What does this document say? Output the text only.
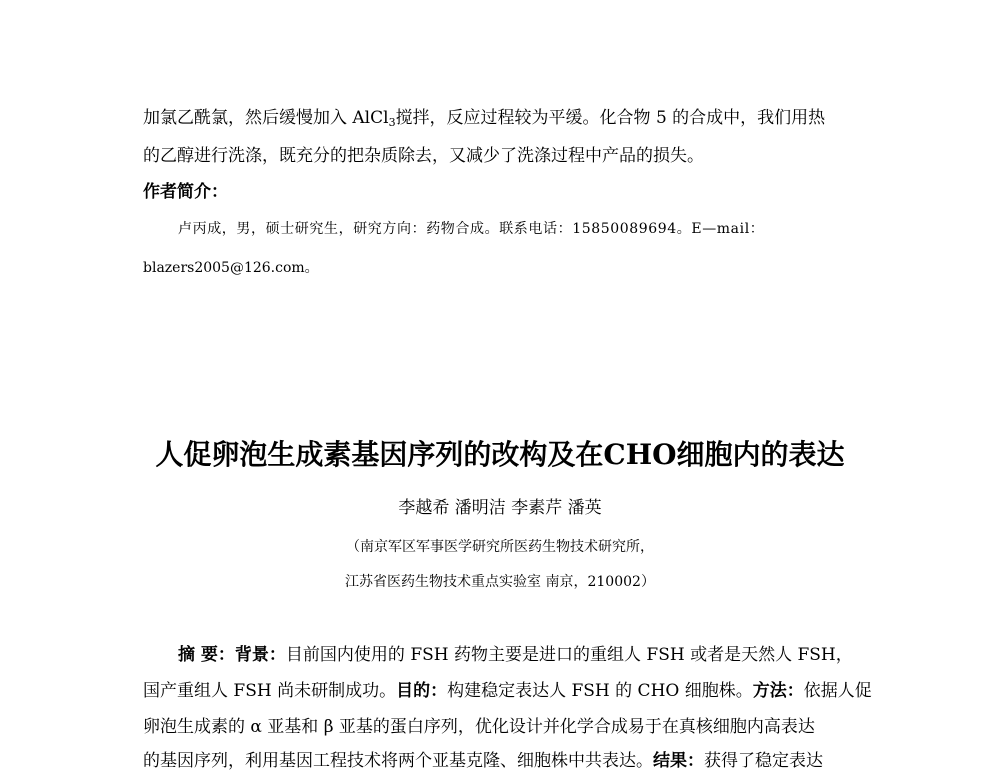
加氯乙酰氯，然后缓慢加入 AlCl$_3$搅拌，反应过程较为平缓。化合物 5 的合成中，我们用热
的乙醇进行洗涤，既充分的把杂质除去，又减少了洗涤过程中产品的损失。
作者简介：
卢丙成，男，硕士研究生，研究方向：药物合成。联系电话：15850089694。E—mail：
blazers2005@126.com。
人促卵泡生成素基因序列的改构及在CHO细胞内的表达
李越希 潘明洁 李素芹 潘英
（南京军区军事医学研究所医药生物技术研究所，
江苏省医药生物技术重点实验室 南京，210002）
摘 要：背景：目前国内使用的 FSH 药物主要是进口的重组人 FSH 或者是天然人 FSH，
国产重组人 FSH 尚未研制成功。目的：构建稳定表达人 FSH 的 CHO 细胞株。方法：依据人促
卵泡生成素的 α 亚基和 β 亚基的蛋白序列，优化设计并化学合成易于在真核细胞内高表达
的基因序列，利用基因工程技术将两个亚基克隆、细胞株中共表达。结果：获得了稳定表达
